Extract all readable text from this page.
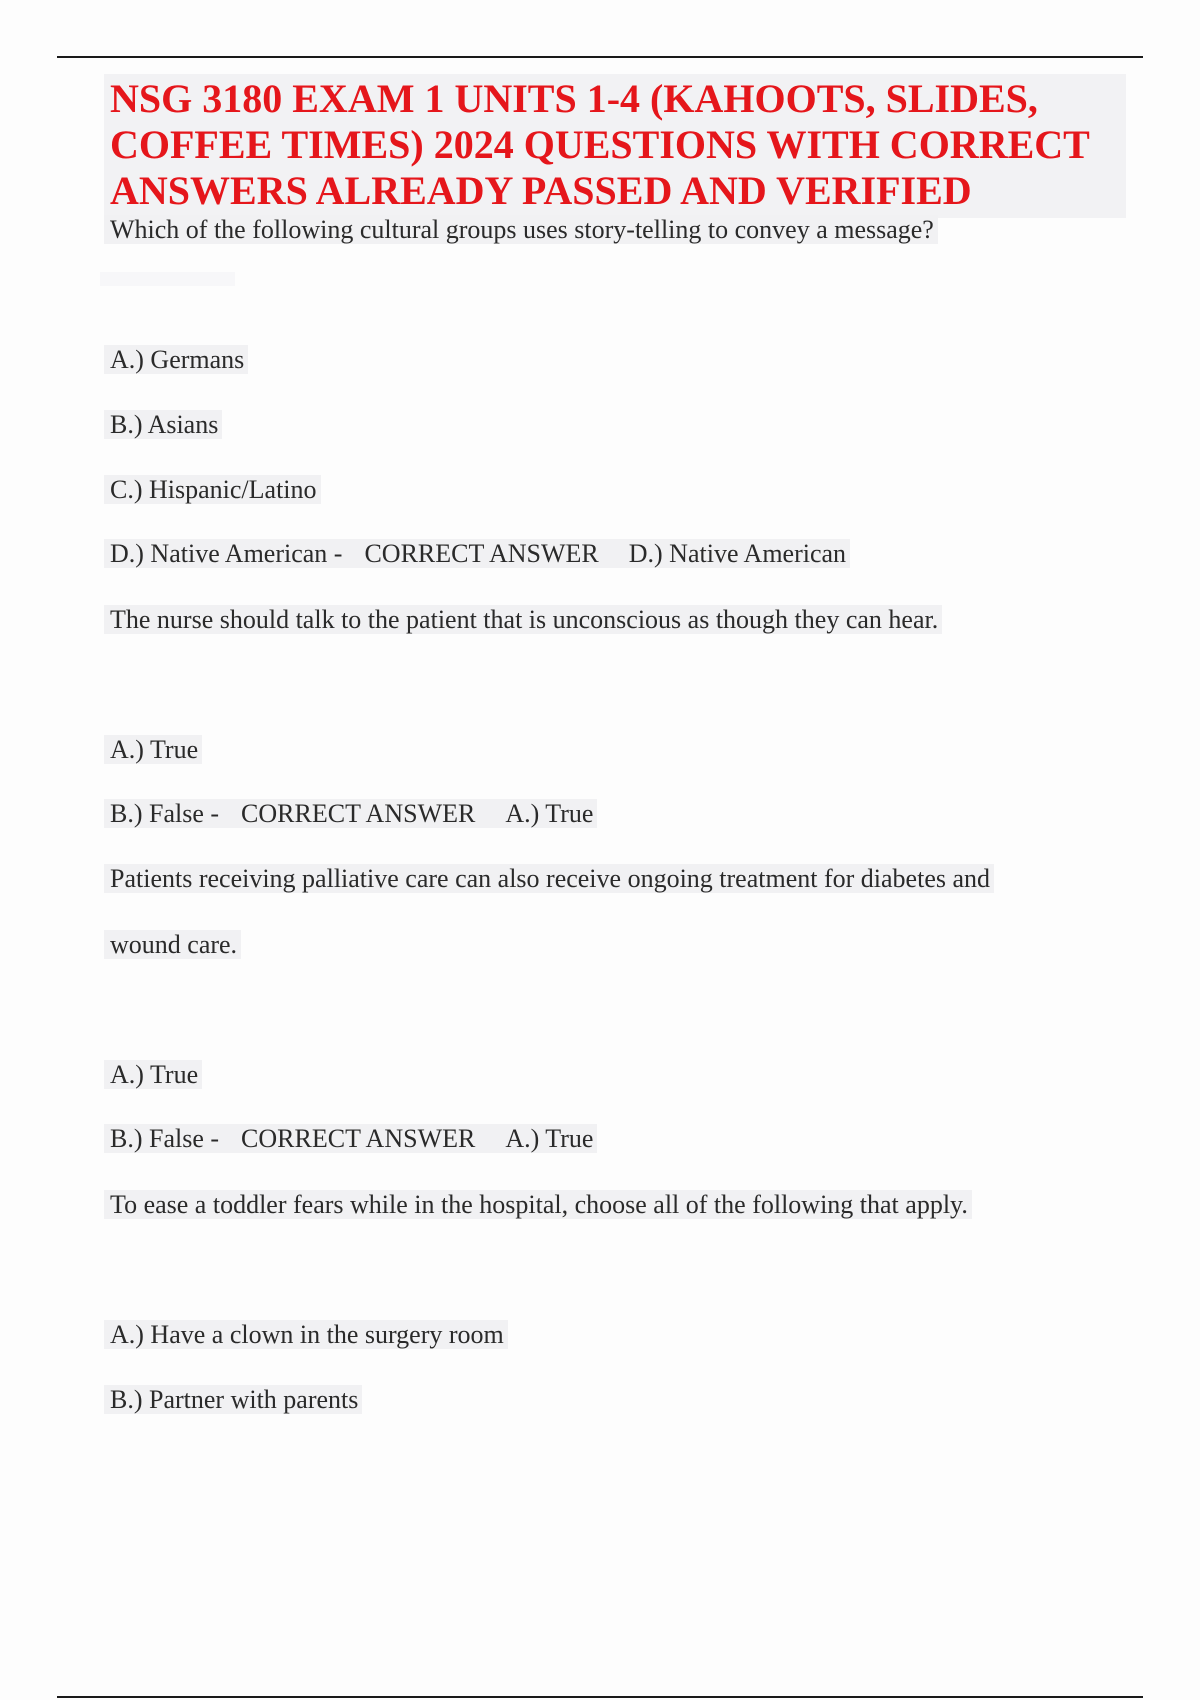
NSG 3180 EXAM 1 UNITS 1-4 (KAHOOTS, SLIDES,
COFFEE TIMES) 2024 QUESTIONS WITH CORRECT
ANSWERS ALREADY PASSED AND VERIFIED
Which of the following cultural groups uses story-telling to convey a message?
A.) Germans
B.) Asians
C.) Hispanic/Latino
D.) Native American - CORRECT ANSWER D.) Native American
The nurse should talk to the patient that is unconscious as though they can hear.
A.) True
B.) False - CORRECT ANSWER A.) True
Patients receiving palliative care can also receive ongoing treatment for diabetes and
wound care.
A.) True
B.) False - CORRECT ANSWER A.) True
To ease a toddler fears while in the hospital, choose all of the following that apply.
A.) Have a clown in the surgery room
B.) Partner with parents
